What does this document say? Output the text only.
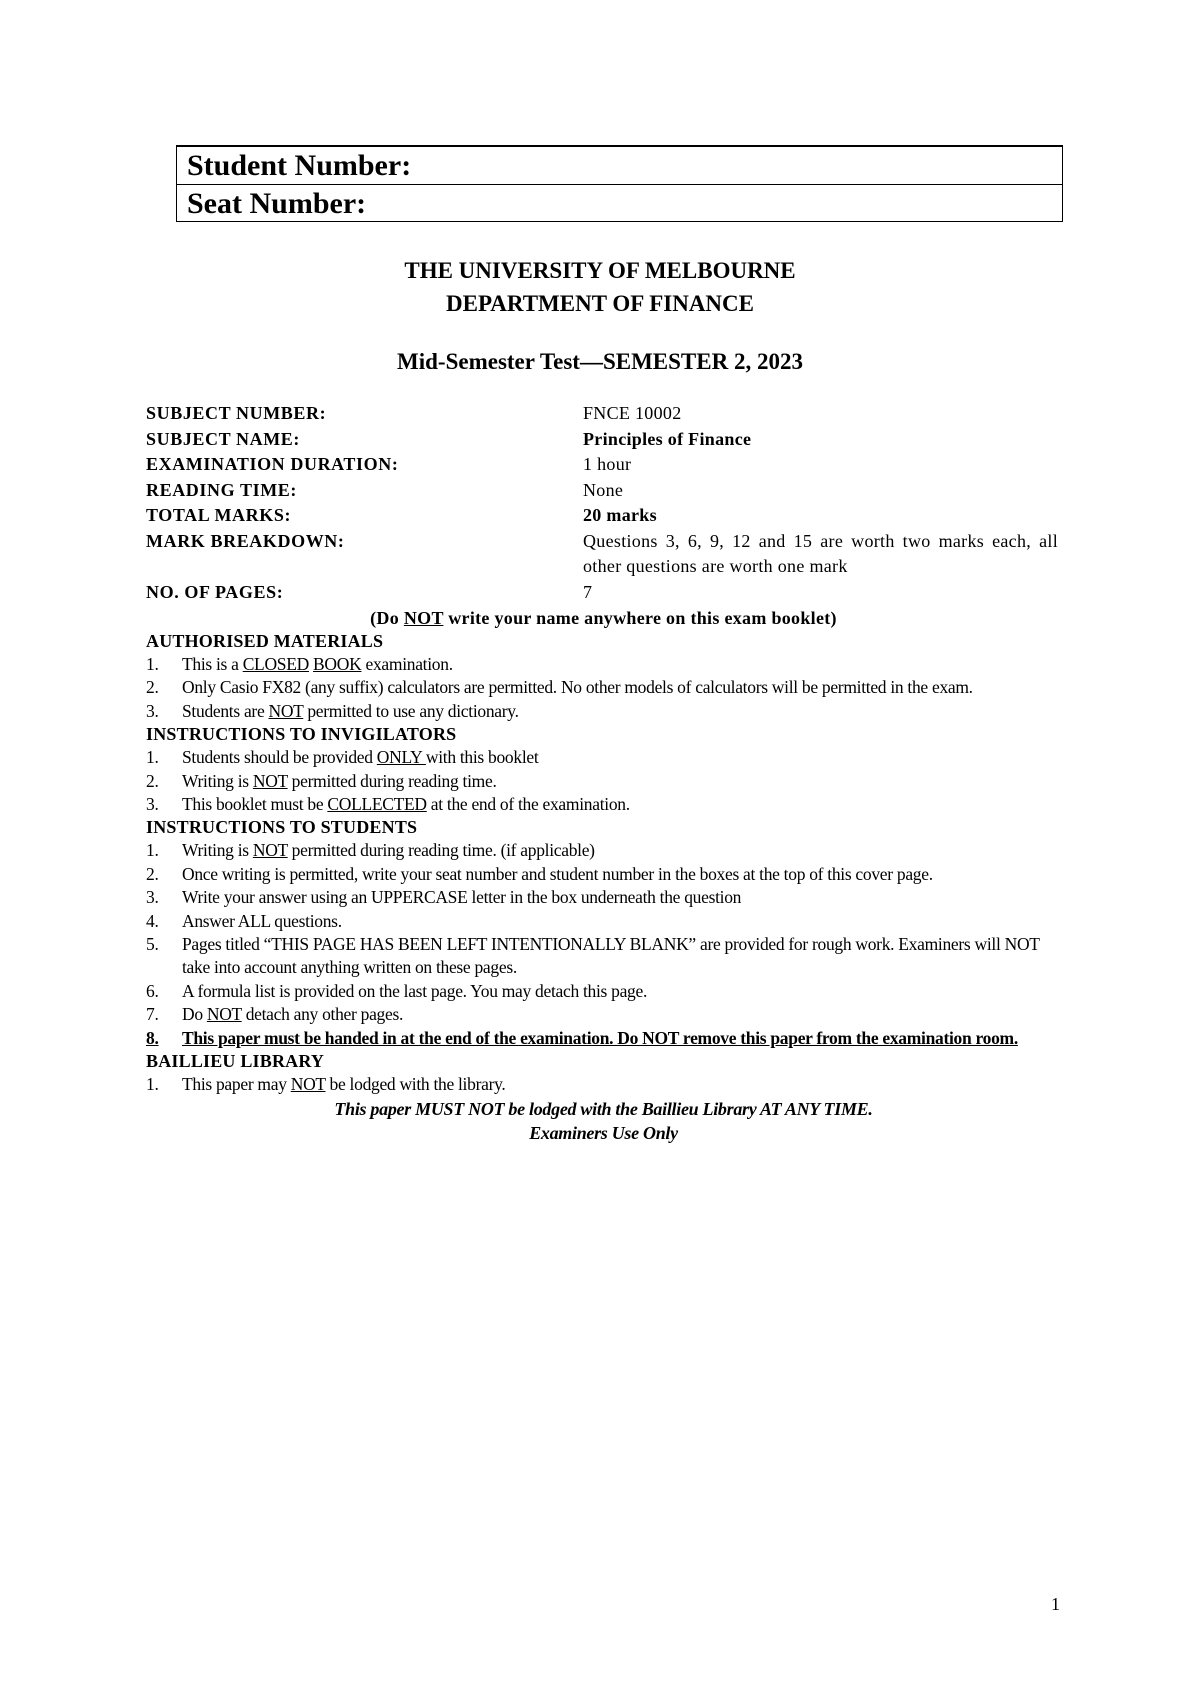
Student Number:
Seat Number:
THE UNIVERSITY OF MELBOURNE
DEPARTMENT OF FINANCE
Mid-Semester Test—SEMESTER 2, 2023
SUBJECT NUMBER:	FNCE 10002
SUBJECT NAME:	Principles of Finance
EXAMINATION DURATION:	1 hour
READING TIME:	None
TOTAL MARKS:	20 marks
MARK BREAKDOWN:	Questions 3, 6, 9, 12 and 15 are worth two marks each, all other questions are worth one mark
NO. OF PAGES:	7
(Do NOT write your name anywhere on this exam booklet)
AUTHORISED MATERIALS
1.	This is a CLOSED BOOK examination.
2.	Only Casio FX82 (any suffix) calculators are permitted. No other models of calculators will be permitted in the exam.
3.	Students are NOT permitted to use any dictionary.
INSTRUCTIONS TO INVIGILATORS
1.	Students should be provided ONLY with this booklet
2.	Writing is NOT permitted during reading time.
3.	This booklet must be COLLECTED at the end of the examination.
INSTRUCTIONS TO STUDENTS
1.	Writing is NOT permitted during reading time. (if applicable)
2.	Once writing is permitted, write your seat number and student number in the boxes at the top of this cover page.
3.	Write your answer using an UPPERCASE letter in the box underneath the question
4.	Answer ALL questions.
5.	Pages titled “THIS PAGE HAS BEEN LEFT INTENTIONALLY BLANK” are provided for rough work. Examiners will NOT take into account anything written on these pages.
6.	A formula list is provided on the last page. You may detach this page.
7.	Do NOT detach any other pages.
8.	This paper must be handed in at the end of the examination. Do NOT remove this paper from the examination room.
BAILLIEU LIBRARY
1.	This paper may NOT be lodged with the library.
This paper MUST NOT be lodged with the Baillieu Library AT ANY TIME.
Examiners Use Only
1
